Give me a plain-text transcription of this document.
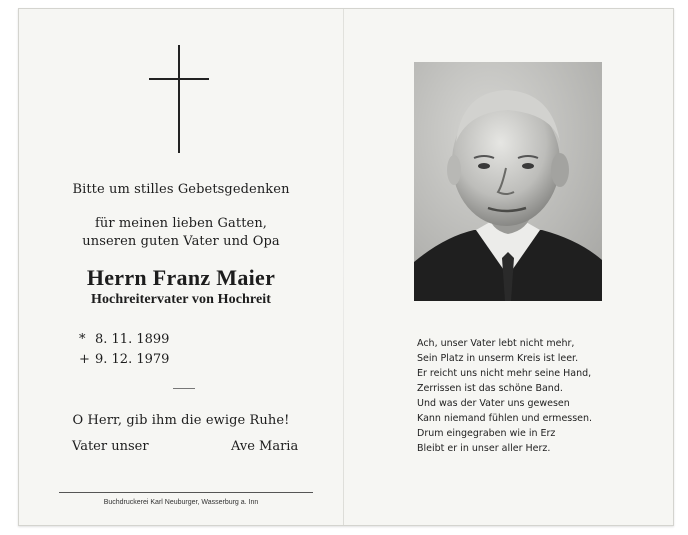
Bitte um stilles Gebetsgedenken
für meinen lieben Gatten,
unseren guten Vater und Opa
Herrn Franz Maier
Hochreitervater von Hochreit
* 8. 11. 1899
+ 9. 12. 1979
O Herr, gib ihm die ewige Ruhe!
Vater unser	Ave Maria
Buchdruckerei Karl Neuburger, Wasserburg a. Inn
Ach, unser Vater lebt nicht mehr,
Sein Platz in unserm Kreis ist leer.
Er reicht uns nicht mehr seine Hand,
Zerrissen ist das schöne Band.
Und was der Vater uns gewesen
Kann niemand fühlen und ermessen.
Drum eingegraben wie in Erz
Bleibt er in unser aller Herz.
